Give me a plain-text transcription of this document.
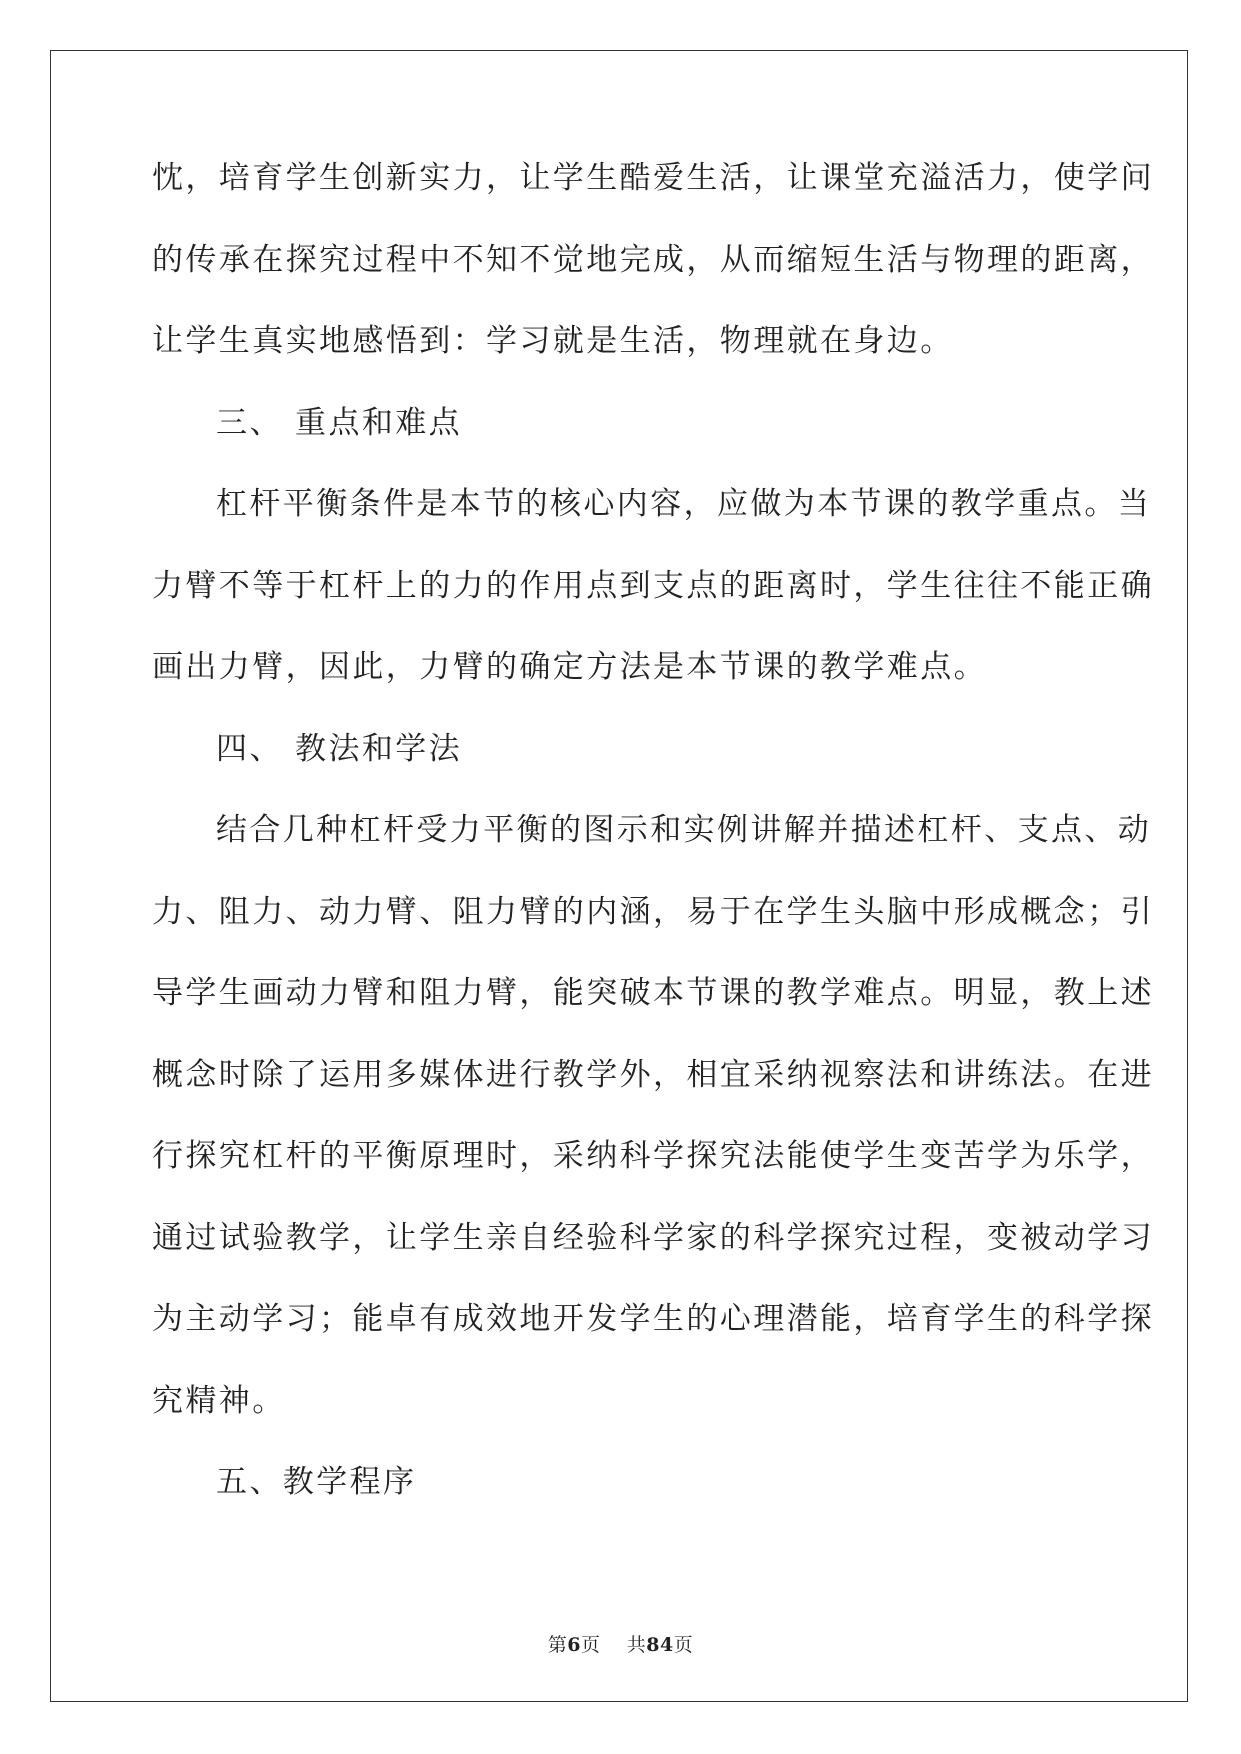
忱，培育学生创新实力，让学生酷爱生活，让课堂充溢活力，使学问
的传承在探究过程中不知不觉地完成，从而缩短生活与物理的距离，
让学生真实地感悟到：学习就是生活，物理就在身边。
三、 重点和难点
杠杆平衡条件是本节的核心内容，应做为本节课的教学重点。当
力臂不等于杠杆上的力的作用点到支点的距离时，学生往往不能正确
画出力臂，因此，力臂的确定方法是本节课的教学难点。
四、 教法和学法
结合几种杠杆受力平衡的图示和实例讲解并描述杠杆、支点、动
力、阻力、动力臂、阻力臂的内涵，易于在学生头脑中形成概念；引
导学生画动力臂和阻力臂，能突破本节课的教学难点。明显，教上述
概念时除了运用多媒体进行教学外，相宜采纳视察法和讲练法。在进
行探究杠杆的平衡原理时，采纳科学探究法能使学生变苦学为乐学，
通过试验教学，让学生亲自经验科学家的科学探究过程，变被动学习
为主动学习；能卓有成效地开发学生的心理潜能，培育学生的科学探
究精神。
五、教学程序
第6页 共84页
